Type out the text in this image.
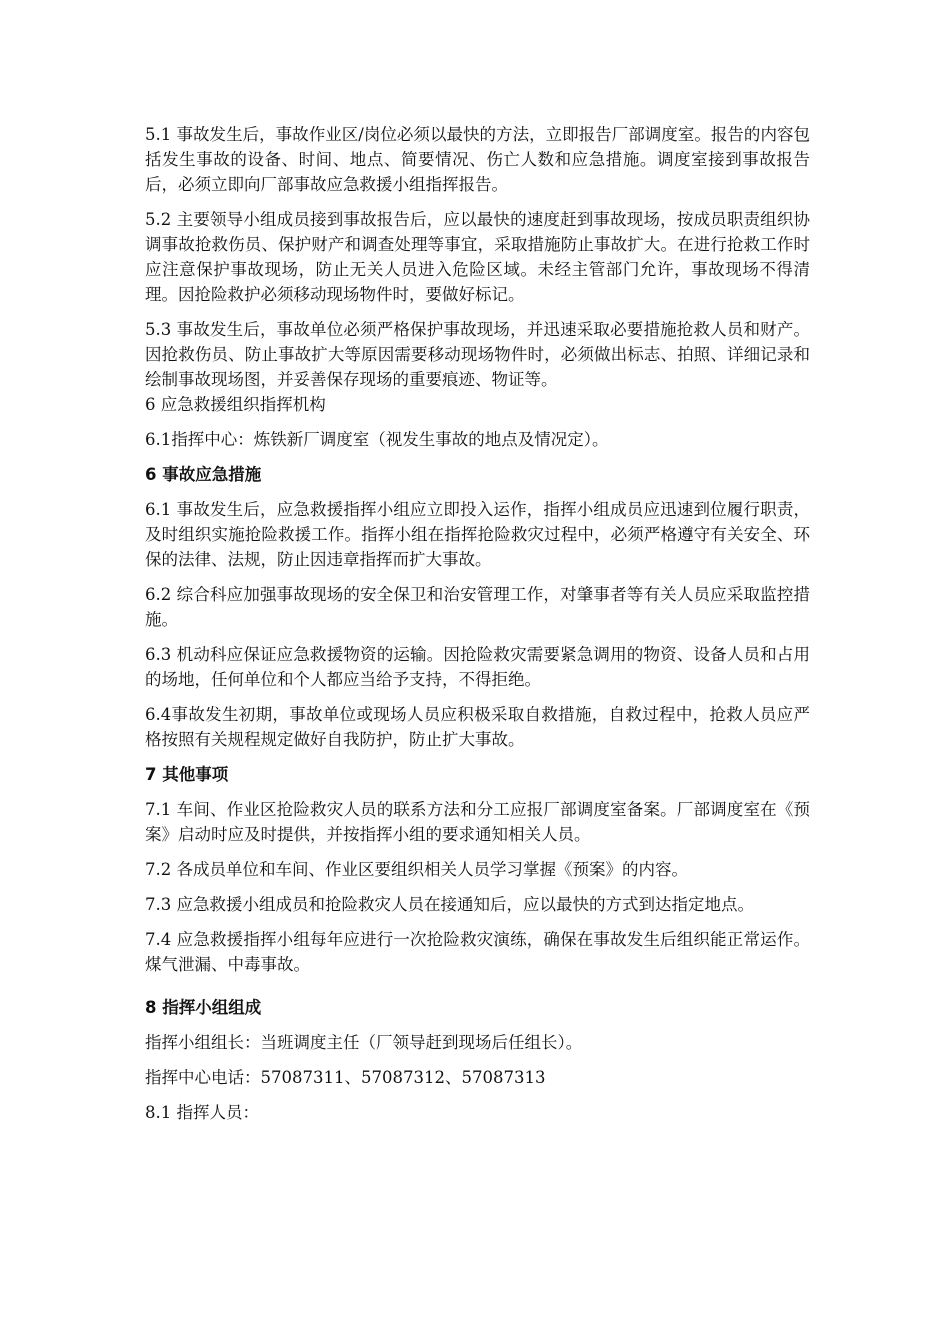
5.1 事故发生后，事故作业区/岗位必须以最快的方法，立即报告厂部调度室。报告的内容包括发生事故的设备、时间、地点、简要情况、伤亡人数和应急措施。调度室接到事故报告后，必须立即向厂部事故应急救援小组指挥报告。

5.2 主要领导小组成员接到事故报告后，应以最快的速度赶到事故现场，按成员职责组织协调事故抢救伤员、保护财产和调查处理等事宜，采取措施防止事故扩大。在进行抢救工作时应注意保护事故现场，防止无关人员进入危险区域。未经主管部门允许，事故现场不得清理。因抢险救护必须移动现场物件时，要做好标记。

5.3 事故发生后，事故单位必须严格保护事故现场，并迅速采取必要措施抢救人员和财产。因抢救伤员、防止事故扩大等原因需要移动现场物件时，必须做出标志、拍照、详细记录和绘制事故现场图，并妥善保存现场的重要痕迹、物证等。

6 应急救援组织指挥机构

6.1指挥中心：炼铁新厂调度室（视发生事故的地点及情况定）。

6 事故应急措施

6.1 事故发生后，应急救援指挥小组应立即投入运作，指挥小组成员应迅速到位履行职责，及时组织实施抢险救援工作。指挥小组在指挥抢险救灾过程中，必须严格遵守有关安全、环保的法律、法规，防止因违章指挥而扩大事故。

6.2 综合科应加强事故现场的安全保卫和治安管理工作，对肇事者等有关人员应采取监控措施。

6.3 机动科应保证应急救援物资的运输。因抢险救灾需要紧急调用的物资、设备人员和占用的场地，任何单位和个人都应当给予支持，不得拒绝。

6.4事故发生初期，事故单位或现场人员应积极采取自救措施，自救过程中，抢救人员应严格按照有关规程规定做好自我防护，防止扩大事故。

7 其他事项

7.1 车间、作业区抢险救灾人员的联系方法和分工应报厂部调度室备案。厂部调度室在《预案》启动时应及时提供，并按指挥小组的要求通知相关人员。

7.2 各成员单位和车间、作业区要组织相关人员学习掌握《预案》的内容。

7.3 应急救援小组成员和抢险救灾人员在接通知后，应以最快的方式到达指定地点。

7.4 应急救援指挥小组每年应进行一次抢险救灾演练，确保在事故发生后组织能正常运作。煤气泄漏、中毒事故。

8 指挥小组组成

指挥小组组长：当班调度主任（厂领导赶到现场后任组长）。

指挥中心电话：57087311、57087312、57087313

8.1 指挥人员：
